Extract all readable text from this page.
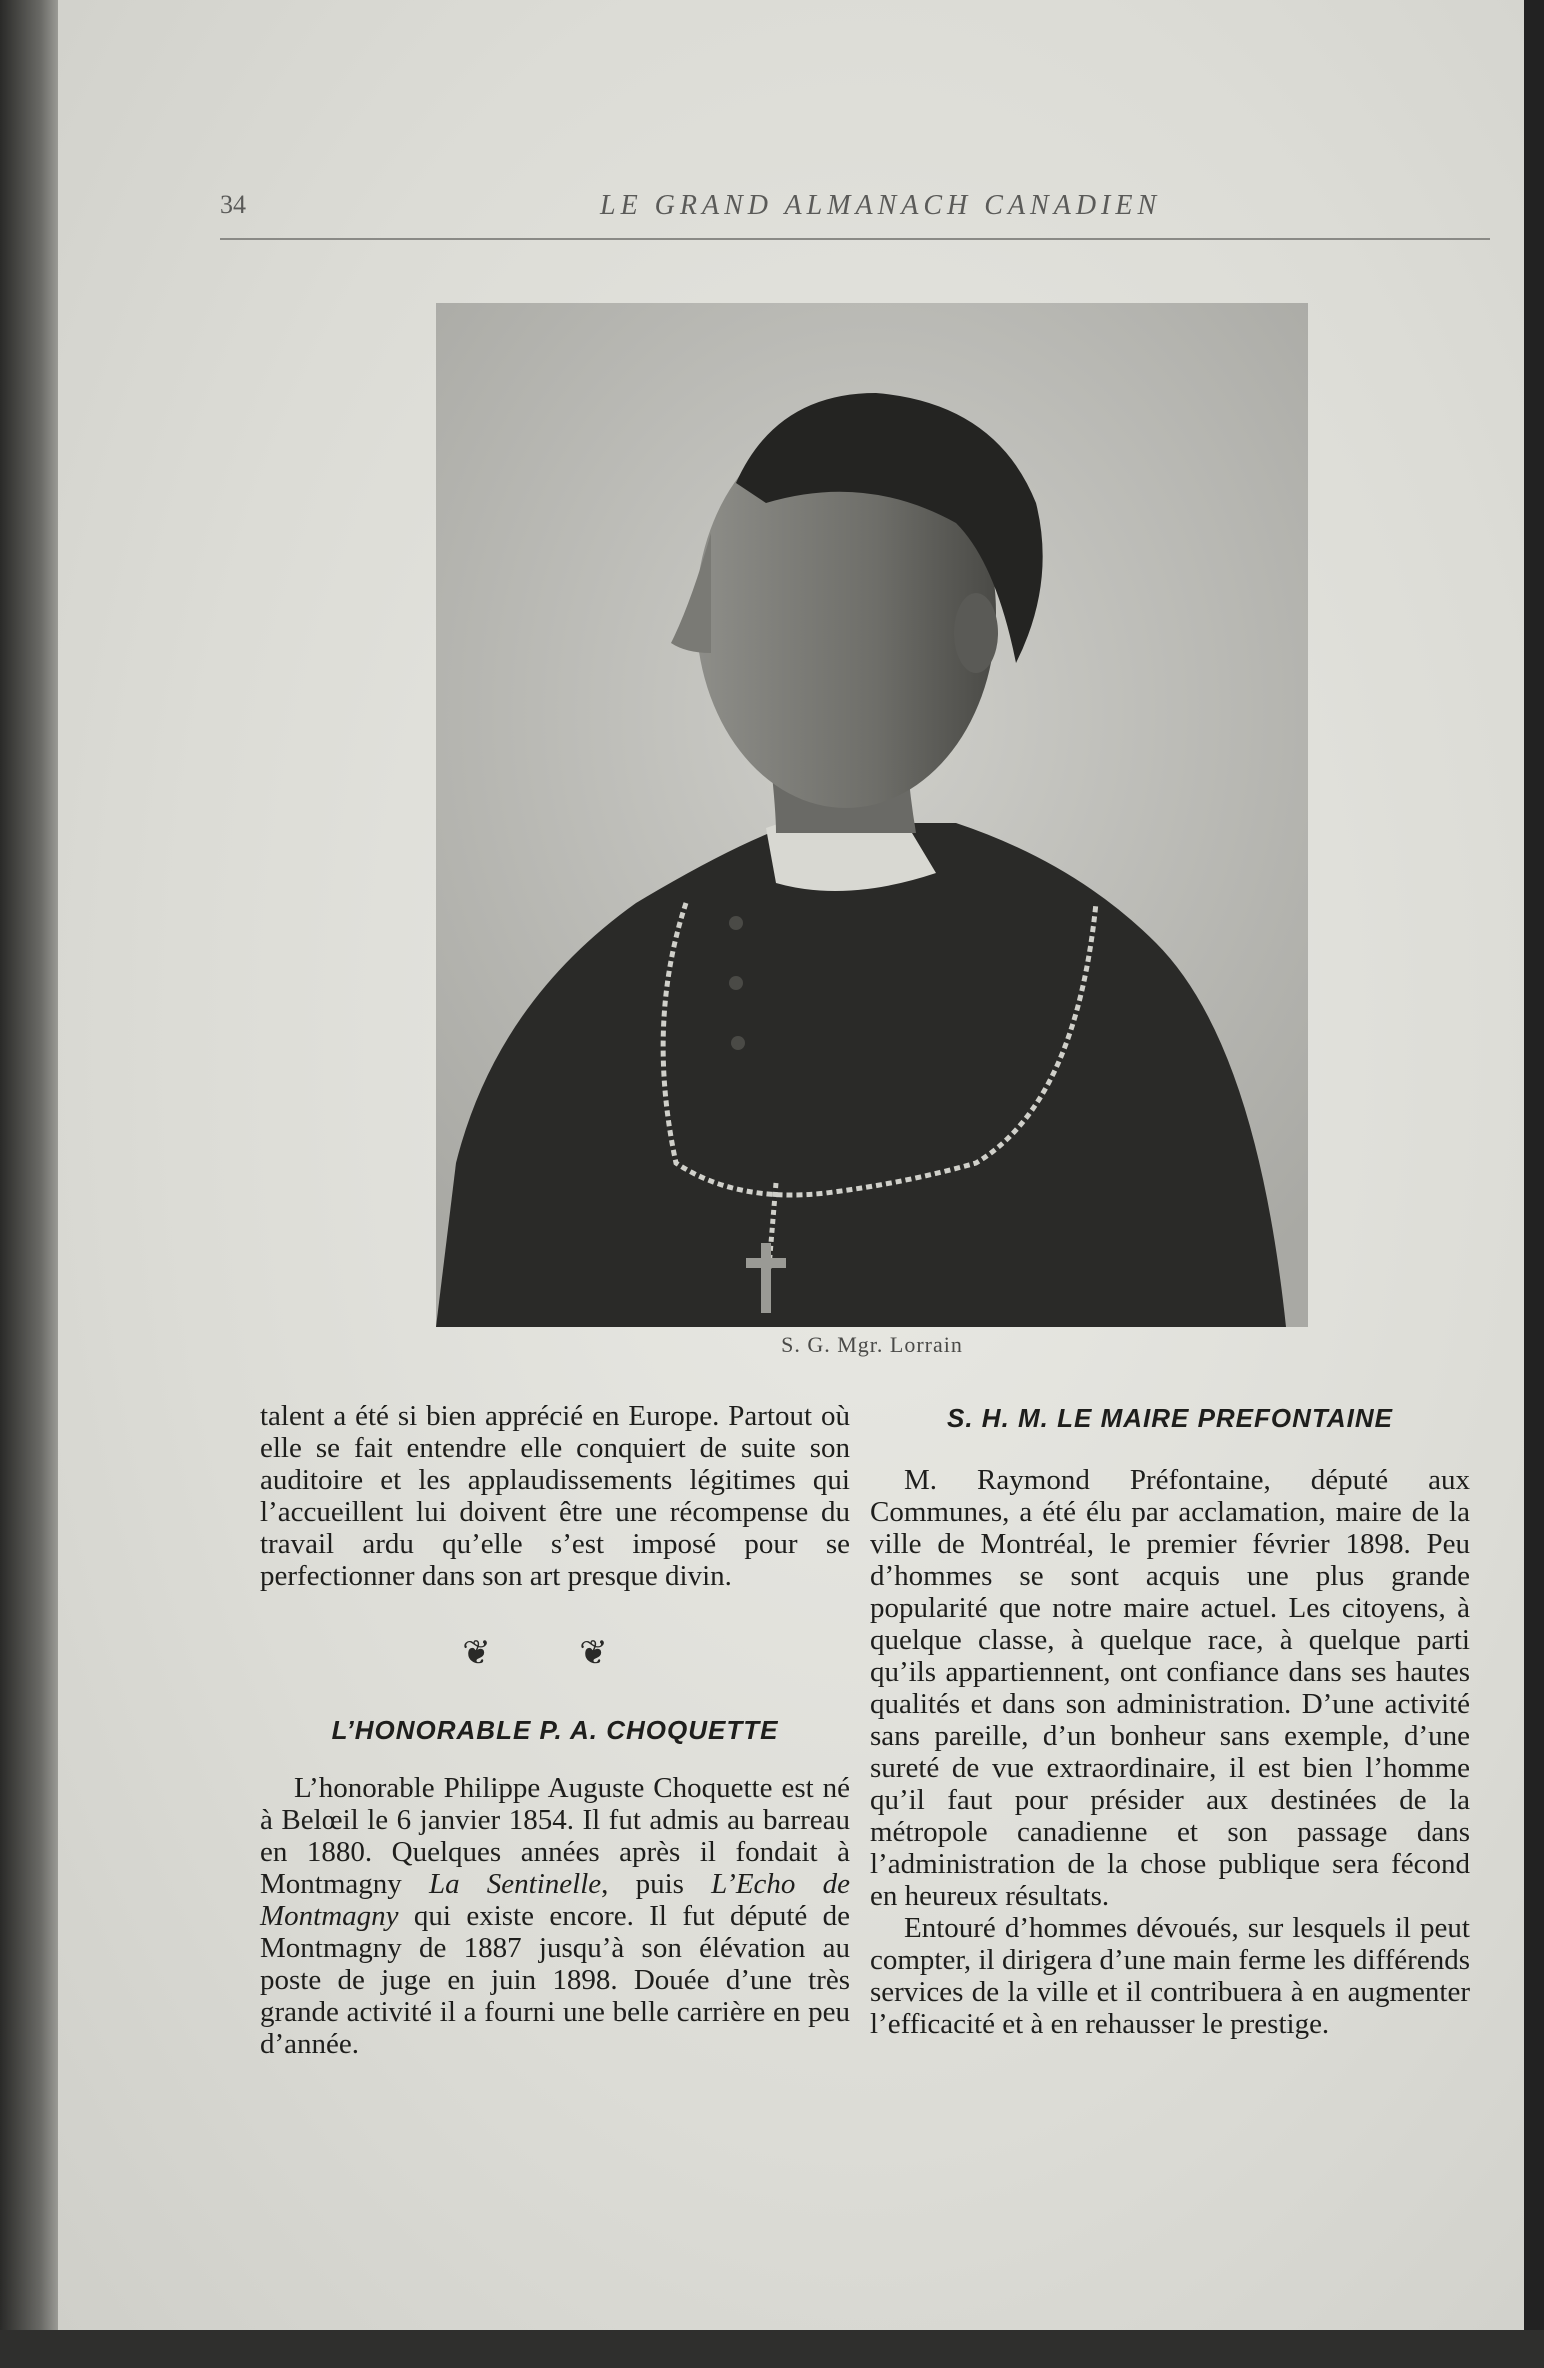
34	LE GRAND ALMANACH CANADIEN
S. G. Mgr. Lorrain

talent a été si bien apprécié en Europe. Partout où elle se fait entendre elle conquiert de suite son auditoire et les applaudissements légitimes qui l’accueillent lui doivent être une récompense du travail ardu qu’elle s’est imposé pour se perfectionner dans son art presque divin.

❦ ❦
L’HONORABLE P. A. CHOQUETTE

L’honorable Philippe Auguste Choquette est né à Belœil le 6 janvier 1854. Il fut admis au barreau en 1880. Quelques années après il fondait à Montmagny La Sentinelle, puis L’Echo de Montmagny qui existe encore. Il fut député de Montmagny de 1887 jusqu’à son élévation au poste de juge en juin 1898. Douée d’une très grande activité il a fourni une belle carrière en peu d’année.

S. H. M. LE MAIRE PREFONTAINE

M. Raymond Préfontaine, député aux Communes, a été élu par acclamation, maire de la ville de Montréal, le premier février 1898. Peu d’hommes se sont acquis une plus grande popularité que notre maire actuel. Les citoyens, à quelque classe, à quelque race, à quelque parti qu’ils appartiennent, ont confiance dans ses hautes qualités et dans son administration. D’une activité sans pareille, d’un bonheur sans exemple, d’une sureté de vue extraordinaire, il est bien l’homme qu’il faut pour présider aux destinées de la métropole canadienne et son passage dans l’administration de la chose publique sera fécond en heureux résultats.

Entouré d’hommes dévoués, sur lesquels il peut compter, il dirigera d’une main ferme les différends services de la ville et il contribuera à en augmenter l’efficacité et à en rehausser le prestige.
